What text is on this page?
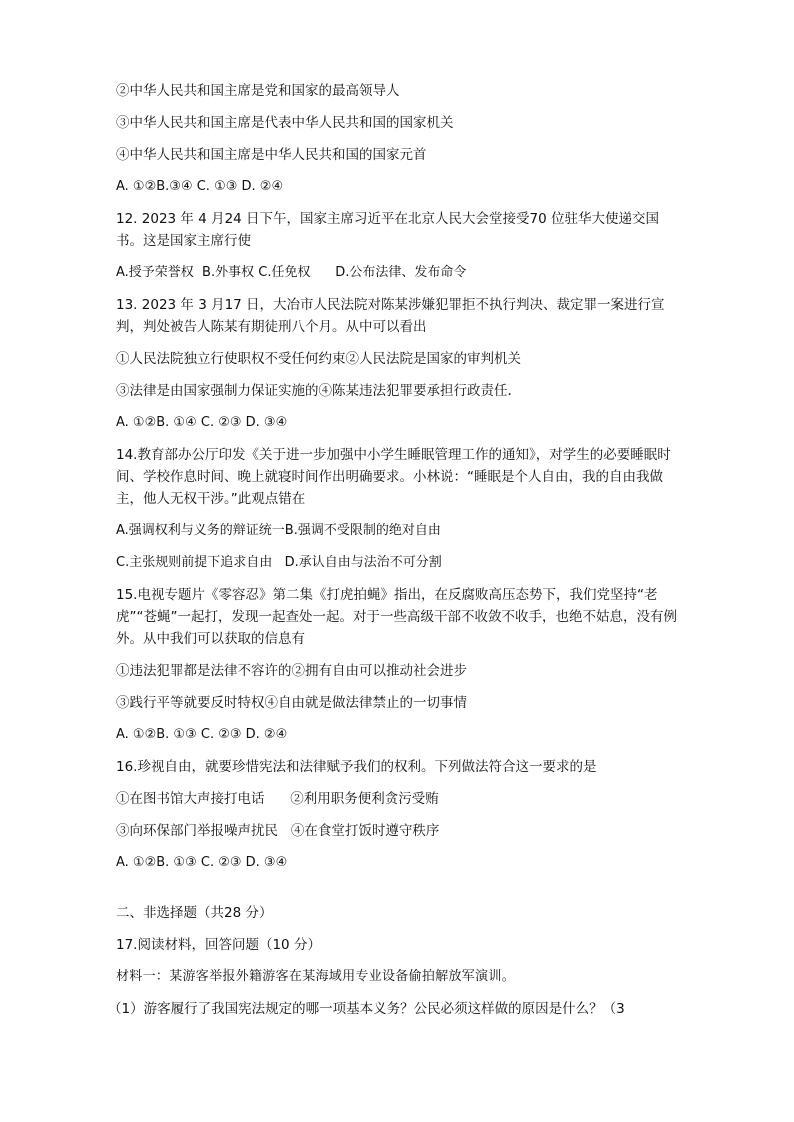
②中华人民共和国主席是党和国家的最高领导人

③中华人民共和国主席是代表中华人民共和国的国家机关

④中华人民共和国主席是中华人民共和国的国家元首

A. ①②B.③④ C. ①③ D. ②④

12. 2023 年 4 月24 日下午，国家主席习近平在北京人民大会堂接受70 位驻华大使递交国书。这是国家主席行使

A.授予荣誉权  B.外事权 C.任免权      D.公布法律、发布命令

13. 2023 年 3 月17 日，大冶市人民法院对陈某涉嫌犯罪拒不执行判决、裁定罪一案进行宣判，判处被告人陈某有期徒刑八个月。从中可以看出

①人民法院独立行使职权不受任何约束②人民法院是国家的审判机关

③法律是由国家强制力保证实施的④陈某违法犯罪要承担行政责任.

A. ①②B. ①④ C. ②③ D. ③④

14.教育部办公厅印发《关于进一步加强中小学生睡眠管理工作的通知》，对学生的必要睡眠时间、学校作息时间、晚上就寝时间作出明确要求。小林说：“睡眠是个人自由，我的自由我做主，他人无权干涉。”此观点错在

A.强调权利与义务的辩证统一B.强调不受限制的绝对自由

C.主张规则前提下追求自由   D.承认自由与法治不可分割

15.电视专题片《零容忍》第二集《打虎拍蝇》指出，在反腐败高压态势下，我们党坚持“老虎”“苍蝇”一起打，发现一起查处一起。对于一些高级干部不收敛不收手，也绝不姑息，没有例外。从中我们可以获取的信息有

①违法犯罪都是法律不容许的②拥有自由可以推动社会进步

③践行平等就要反时特权④自由就是做法律禁止的一切事情

A. ①②B. ①③ C. ②③ D. ②④

16.珍视自由，就要珍惜宪法和法律赋予我们的权利。下列做法符合这一要求的是

①在图书馆大声接打电话      ②利用职务便利贪污受贿

③向环保部门举报噪声扰民   ④在食堂打饭时遵守秩序

A. ①②B. ①③ C. ②③ D. ③④

二、非选择题（共28 分）

17.阅读材料，回答问题（10 分）

材料一：某游客举报外籍游客在某海域用专业设备偷拍解放军演训。

（1）游客履行了我国宪法规定的哪一项基本义务？公民必须这样做的原因是什么？（3
